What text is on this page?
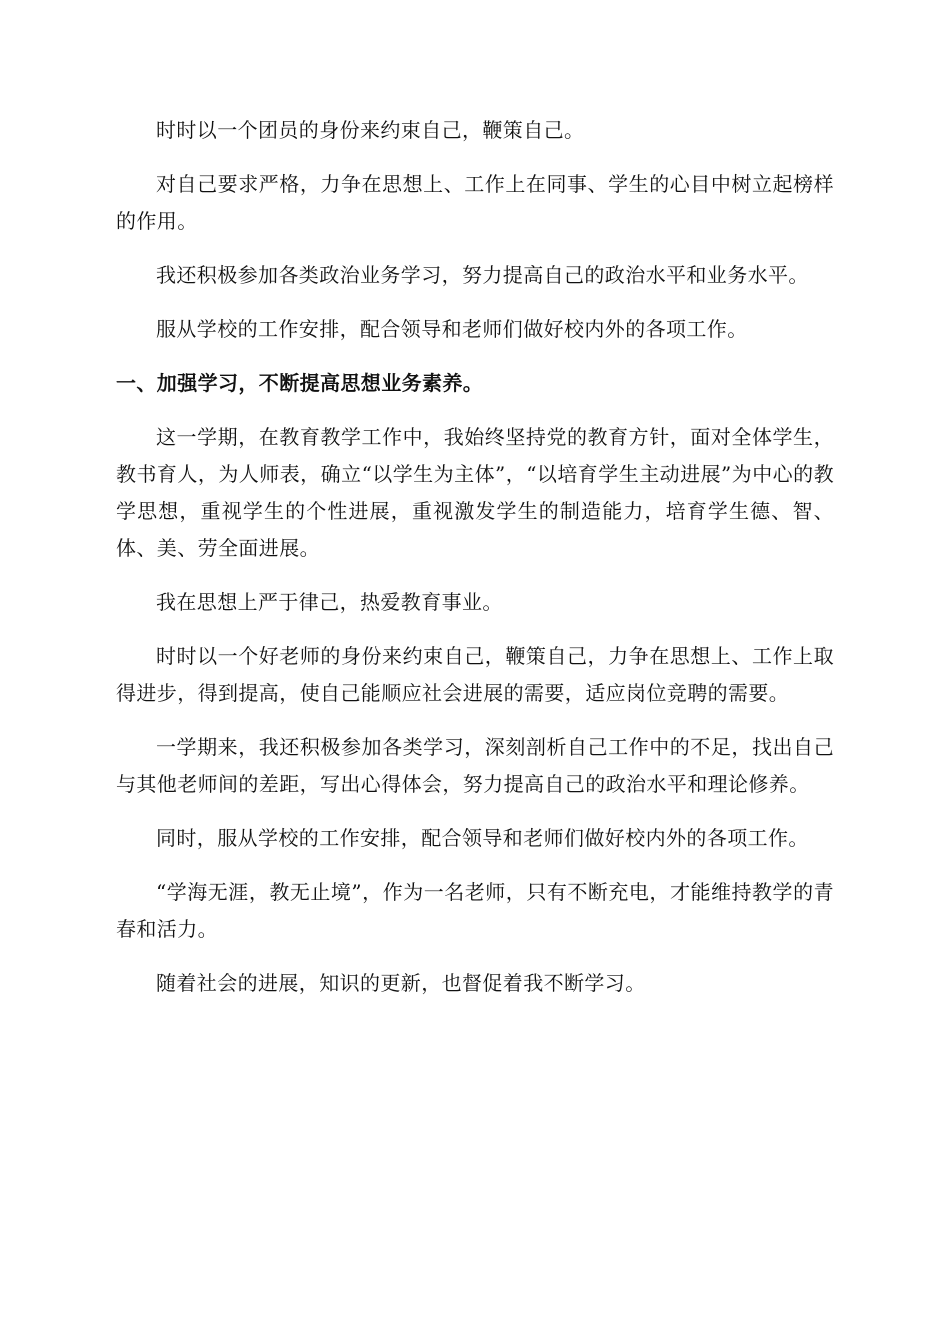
时时以一个团员的身份来约束自己，鞭策自己。

对自己要求严格，力争在思想上、工作上在同事、学生的心目中树立起榜样的作用。

我还积极参加各类政治业务学习，努力提高自己的政治水平和业务水平。

服从学校的工作安排，配合领导和老师们做好校内外的各项工作。

一、加强学习，不断提高思想业务素养。

这一学期，在教育教学工作中，我始终坚持党的教育方针，面对全体学生，教书育人，为人师表，确立“以学生为主体”，“以培育学生主动进展”为中心的教学思想，重视学生的个性进展，重视激发学生的制造能力，培育学生德、智、体、美、劳全面进展。

我在思想上严于律己，热爱教育事业。

时时以一个好老师的身份来约束自己，鞭策自己，力争在思想上、工作上取得进步，得到提高，使自己能顺应社会进展的需要，适应岗位竞聘的需要。

一学期来，我还积极参加各类学习，深刻剖析自己工作中的不足，找出自己与其他老师间的差距，写出心得体会，努力提高自己的政治水平和理论修养。

同时，服从学校的工作安排，配合领导和老师们做好校内外的各项工作。

“学海无涯，教无止境”，作为一名老师，只有不断充电，才能维持教学的青春和活力。

随着社会的进展，知识的更新，也督促着我不断学习。
